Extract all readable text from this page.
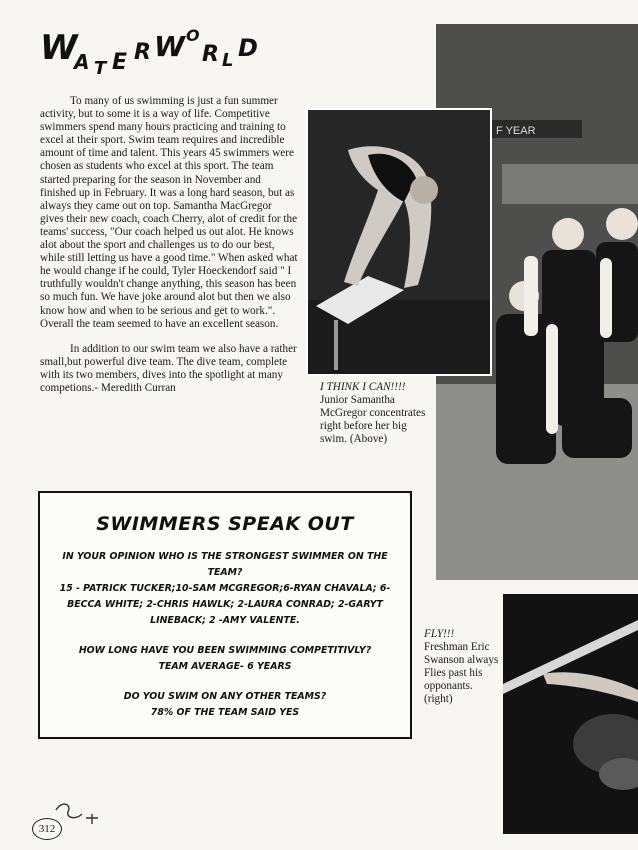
W
A T E R W O
R L D

To many of us swimming is just a fun summer activity, but to some it is a way of life. Competitive swimmers spend many hours practicing and training to excel at their sport. Swim team requires and incredible amount of time and talent. This years 45 swimmers were chosen as students who excel at this sport. The team started preparing for the season in November and finished up in February. It was a long hard season, but as always they came out on top. Samantha MacGregor gives their new coach, coach Cherry, alot of credit for the teams' success, "Our coach helped us out alot. He knows alot about the sport and challenges us to do our best, while still letting us have a good time." When asked what he would change if he could, Tyler Hoeckendorf said " I truthfully wouldn't change anything, this season has been so much fun. We have joke around alot but then we also know how and when to be serious and get to work.". Overall the team seemed to have an excellent season.

In addition to our swim team we also have a rather small,but powerful dive team. The dive team, complete with its two members, dives into the spotlight at many competions.- Meredith Curran

F YEAR

I THINK I CAN!!!!
Junior Samantha McGregor concentrates right before her big swim. (Above)

SWIMMERS SPEAK OUT
IN YOUR OPINION WHO IS THE STRONGEST SWIMMER ON THE TEAM?
15 - PATRICK TUCKER;10-SAM MCGREGOR;6-RYAN CHAVALA; 6-BECCA WHITE; 2-CHRIS HAWLK; 2-LAURA CONRAD; 2-GARYT LINEBACK; 2 -AMY VALENTE.
HOW LONG HAVE YOU BEEN SWIMMING COMPETITIVLY?
TEAM AVERAGE- 6 YEARS
DO YOU SWIM ON ANY OTHER TEAMS?
78% OF THE TEAM SAID YES

FLY!!!
Freshman Eric Swanson always Flies past his opponants. (right)

312
